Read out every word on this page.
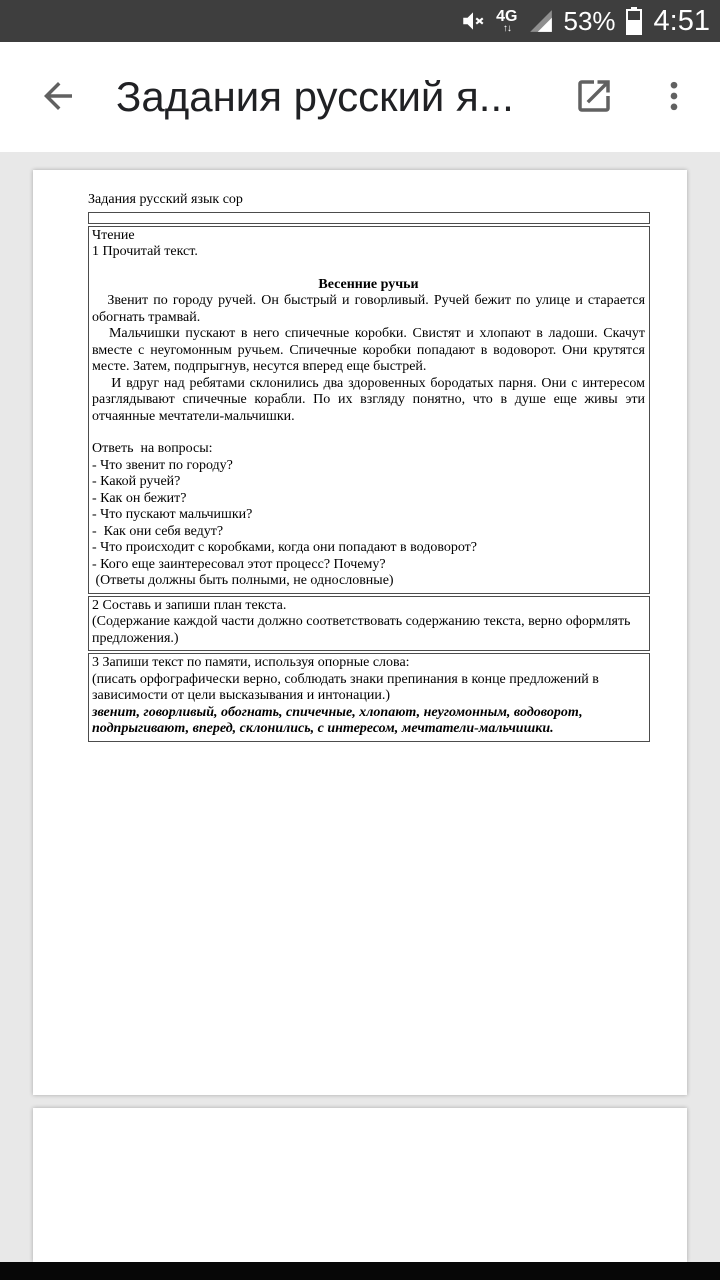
4G
↑↓ 53% 4:51
Задания русский я...
Задания русский язык сор
Чтение
1 Прочитай текст.
Весенние ручьи
Звенит по городу ручей. Он быстрый и говорливый. Ручей бежит по улице и старается обогнать трамвай.
Мальчишки пускают в него спичечные коробки. Свистят и хлопают в ладоши. Скачут вместе с неугомонным ручьем. Спичечные коробки попадают в водоворот. Они крутятся месте. Затем, подпрыгнув, несутся вперед еще быстрей.
И вдруг над ребятами склонились два здоровенных бородатых парня. Они с интересом разглядывают спичечные корабли. По их взгляду понятно, что в душе еще живы эти отчаянные мечтатели-мальчишки.
Ответь  на вопросы:
- Что звенит по городу?
- Какой ручей?
- Как он бежит?
- Что пускают мальчишки?
-  Как они себя ведут?
- Что происходит с коробками, когда они попадают в водоворот?
- Кого еще заинтересовал этот процесс? Почему?
(Ответы должны быть полными, не однословные)
2 Составь и запиши план текста.
(Содержание каждой части должно соответствовать содержанию текста, верно оформлять предложения.)
3 Запиши текст по памяти, используя опорные слова:
(писать орфографически верно, соблюдать знаки препинания в конце предложений в зависимости от цели высказывания и интонации.)
звенит, говорливый, обогнать, спичечные, хлопают, неугомонным, водоворот, подпрыгивают, вперед, склонились, с интересом, мечтатели-мальчишки.
